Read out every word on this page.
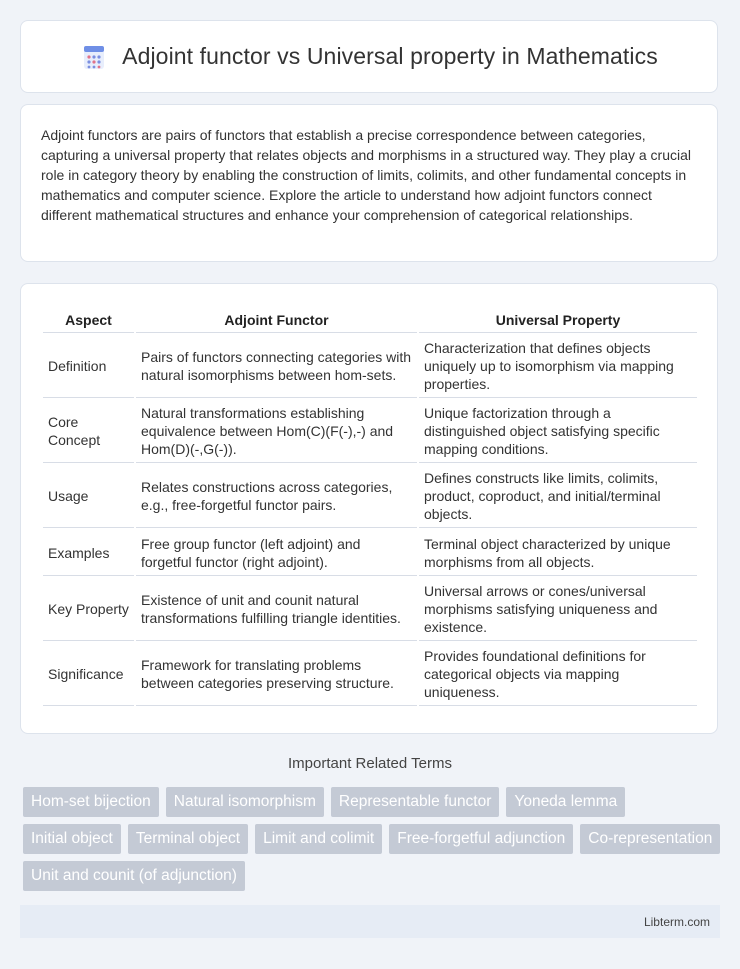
Adjoint functor vs Universal property in Mathematics

Adjoint functors are pairs of functors that establish a precise correspondence between categories, capturing a universal property that relates objects and morphisms in a structured way. They play a crucial role in category theory by enabling the construction of limits, colimits, and other fundamental concepts in mathematics and computer science. Explore the article to understand how adjoint functors connect different mathematical structures and enhance your comprehension of categorical relationships.

Aspect	Adjoint Functor	Universal Property
Definition	Pairs of functors connecting categories with natural isomorphisms between hom-sets.	Characterization that defines objects uniquely up to isomorphism via mapping properties.
Core Concept	Natural transformations establishing equivalence between Hom(C)(F(-),-) and Hom(D)(-,G(-)).	Unique factorization through a distinguished object satisfying specific mapping conditions.
Usage	Relates constructions across categories, e.g., free-forgetful functor pairs.	Defines constructs like limits, colimits, product, coproduct, and initial/terminal objects.
Examples	Free group functor (left adjoint) and forgetful functor (right adjoint).	Terminal object characterized by unique morphisms from all objects.
Key Property	Existence of unit and counit natural transformations fulfilling triangle identities.	Universal arrows or cones/universal morphisms satisfying uniqueness and existence.
Significance	Framework for translating problems between categories preserving structure.	Provides foundational definitions for categorical objects via mapping uniqueness.
Important Related Terms
Hom-set bijection	Natural isomorphism	Representable functor	Yoneda lemma
Initial object	Terminal object	Limit and colimit	Free-forgetful adjunction	Co-representation
Unit and counit (of adjunction)
Libterm.com
